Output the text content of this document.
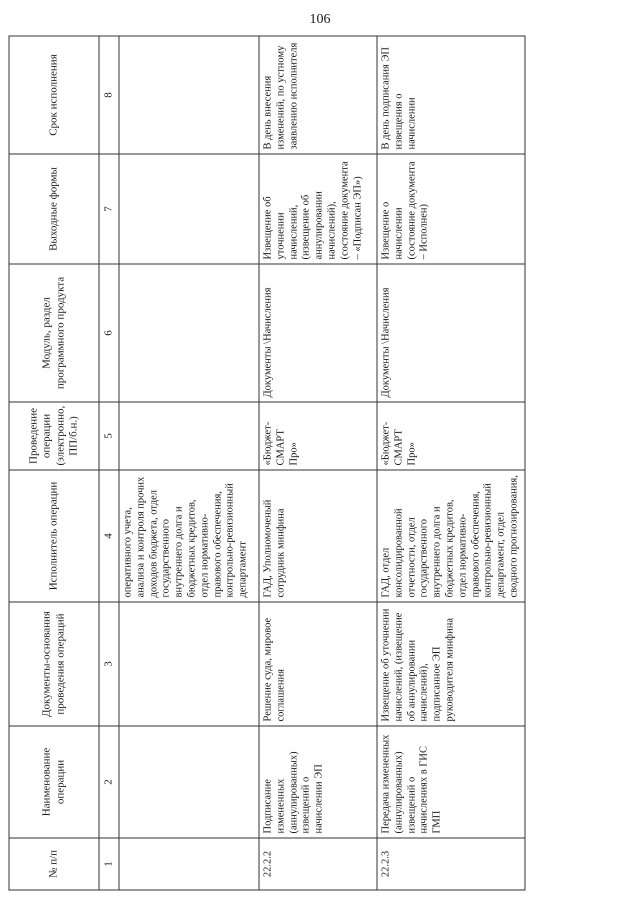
106
№ п/п	Наименование операции	Документы-основания проведения операций	Исполнитель операции	Проведение операции (электронно, ПП/б.н.)	Модуль, раздел программного продукта	Выходные формы	Срок исполнения
1	2	3	4	5	6	7	8
			оперативного учета, анализа и контроля прочих доходов бюджета, отдел государственного внутреннего долга и бюджетных кредитов, отдел нормативно-правового обеспечения, контрольно-ревизионный департамент				
22.2.2	Подписание измененных (аннулированных) извещений о начислении ЭП	Решение суда, мировое соглашения	ГАД, Уполномоченый сотрудник минфина	«Бюджет-СМАРТ Про»	Документы \Начисления	Извещение об уточнении начислений, (извещение об аннулировании начислений), (состояние документа – «Подписан ЭП»)	В день внесения изменений, по устному заявлению исполнителя
22.2.3	Передача измененных (аннулированных) извещений о начислениях в ГИС ГМП	Извещение об уточнении начислений, (извещение об аннулировании начислений), подписанное ЭП руководителя минфина	ГАД, отдел консолидированной отчетности, отдел государственного внутреннего долга и бюджетных кредитов, отдел нормативно-правового обеспечения, контрольно-ревизионный департамент, отдел сводного прогнозирования,	«Бюджет-СМАРТ Про»	Документы \Начисления	Извещение о начислении (состояние документа – Исполнен)	В день подписания ЭП извещения о начислении
